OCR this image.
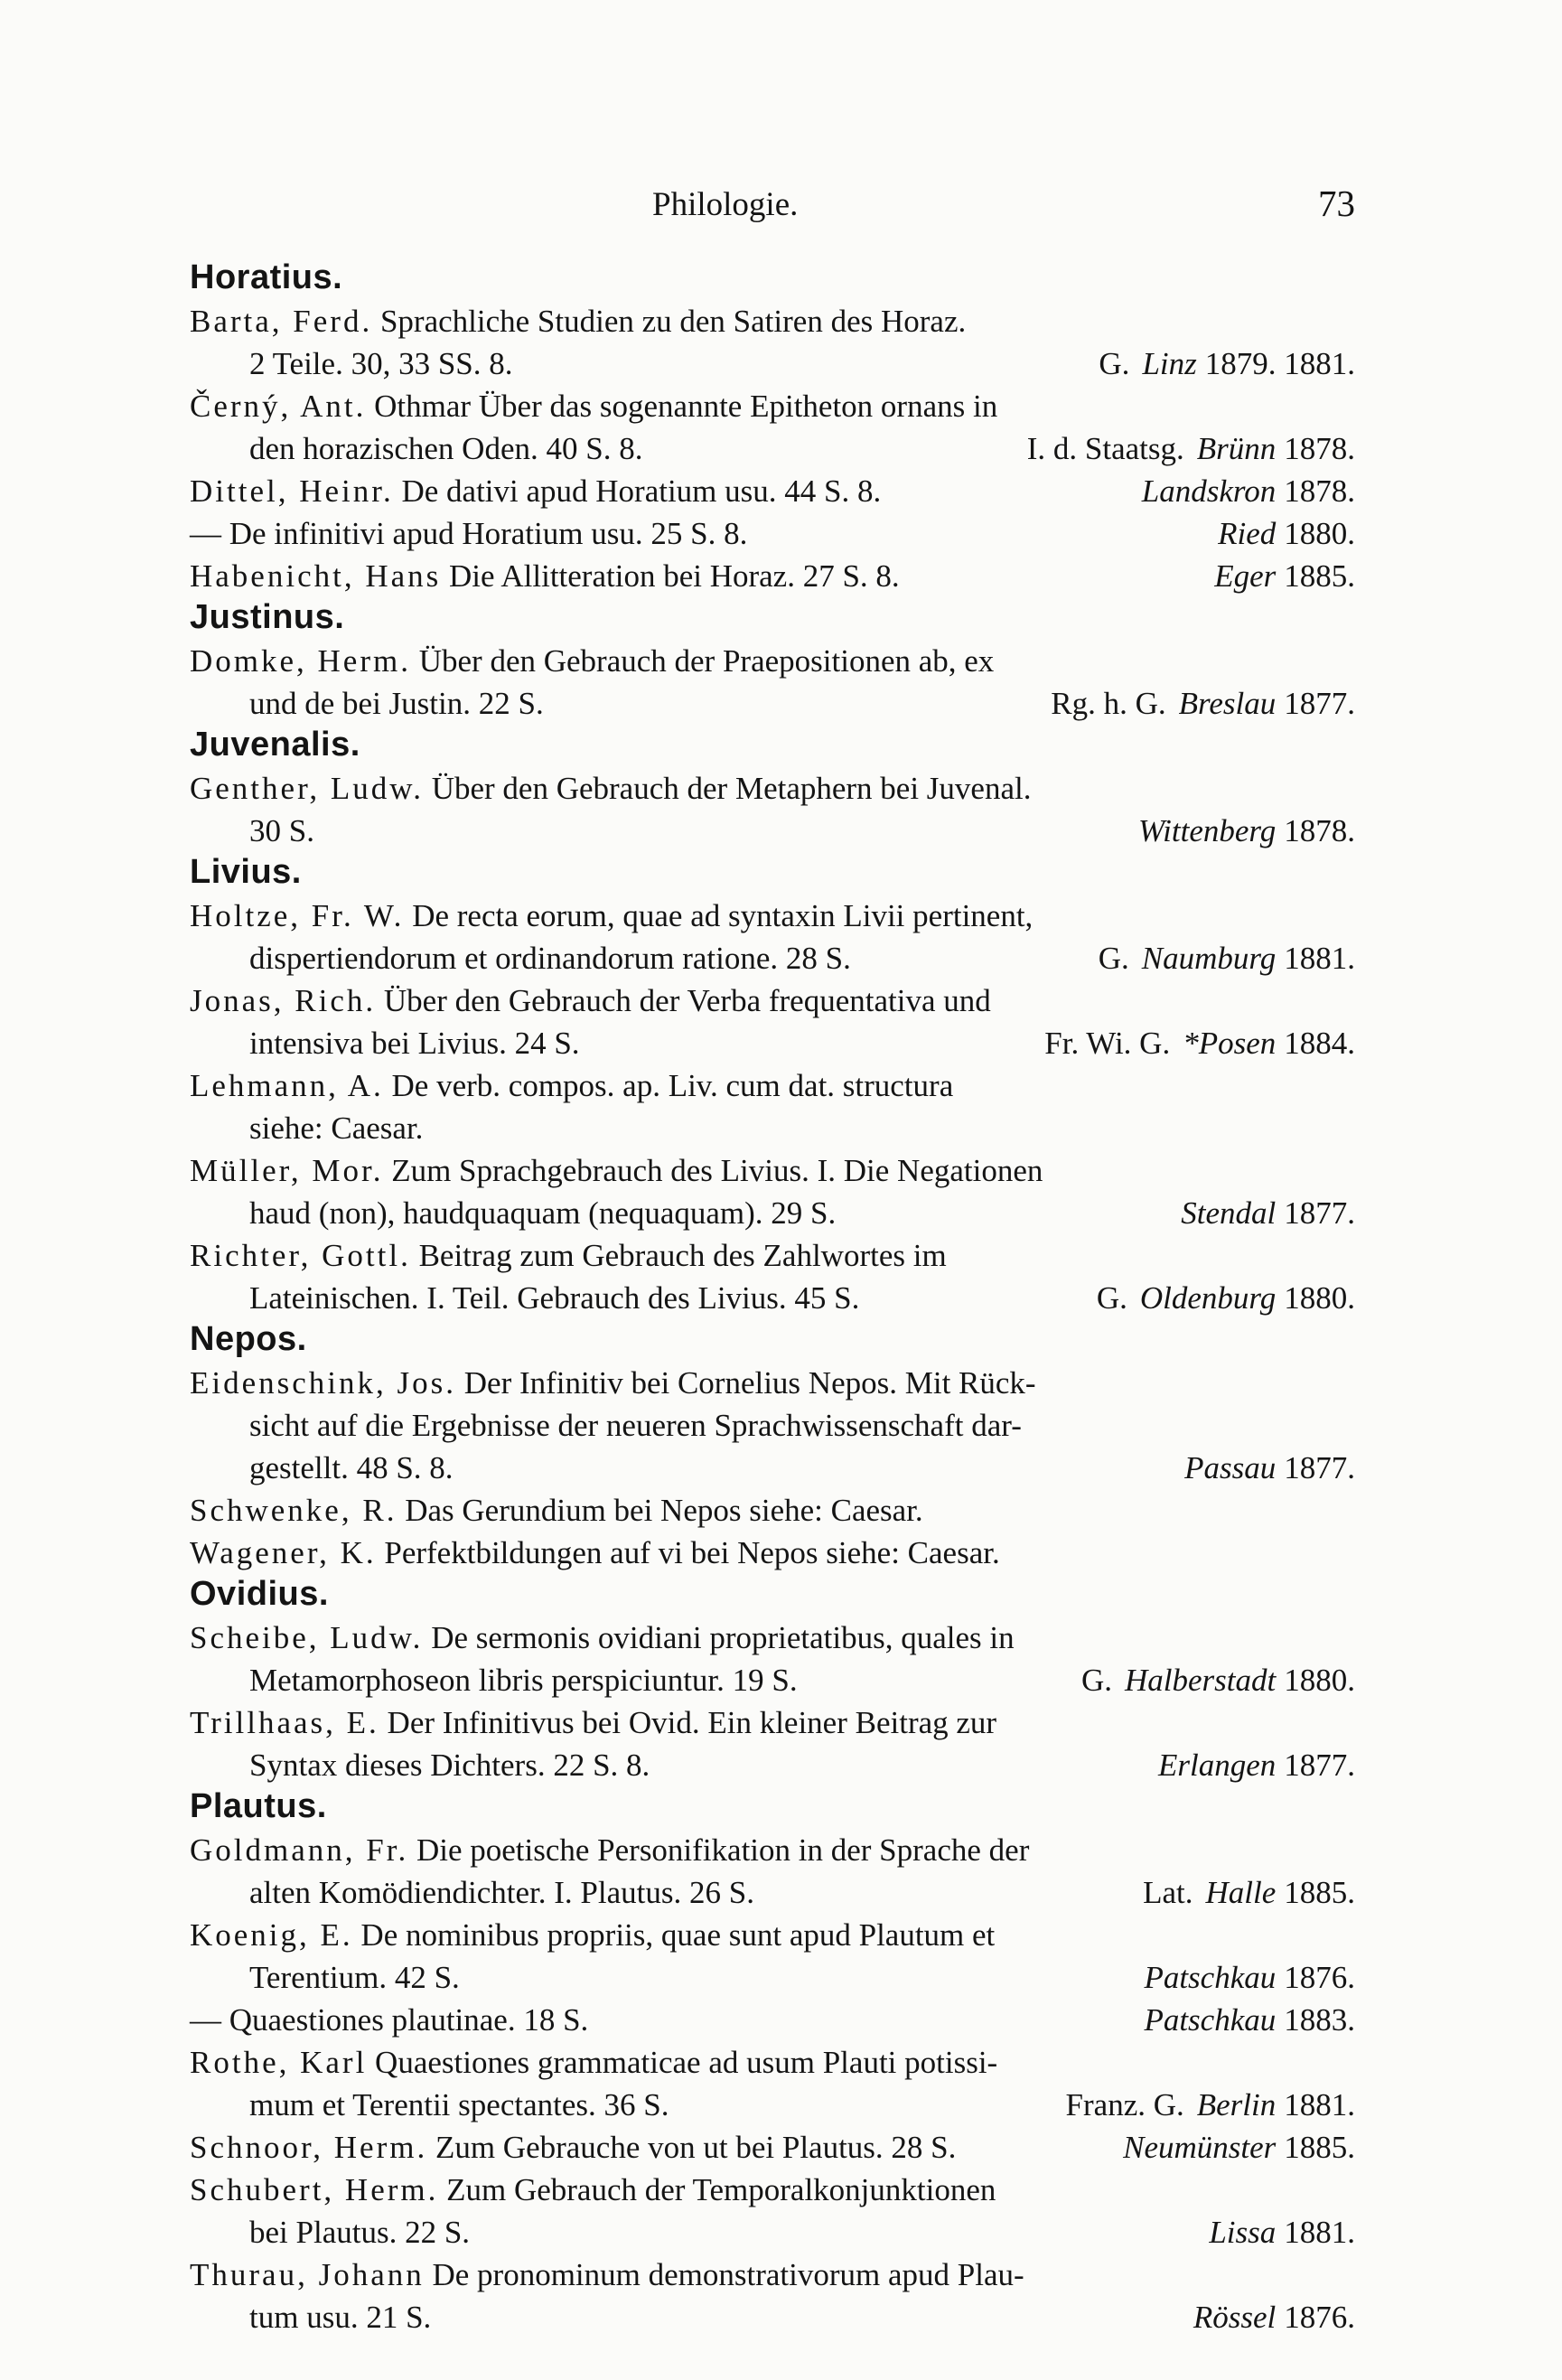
Philologie.	73
Horatius.
Barta, Ferd. Sprachliche Studien zu den Satiren des Horaz.
2 Teile. 30, 33 SS. 8.	G. Linz 1879. 1881.
Černý, Ant. Othmar Über das sogenannte Epitheton ornans in
den horazischen Oden. 40 S. 8.	I. d. Staatsg. Brünn 1878.
Dittel, Heinr. De dativi apud Horatium usu. 44 S. 8.	Landskron 1878.
— De infinitivi apud Horatium usu. 25 S. 8.	Ried 1880.
Habenicht, Hans Die Allitteration bei Horaz. 27 S. 8.	Eger 1885.
Justinus.
Domke, Herm. Über den Gebrauch der Praepositionen ab, ex
und de bei Justin. 22 S.	Rg. h. G. Breslau 1877.
Juvenalis.
Genther, Ludw. Über den Gebrauch der Metaphern bei Juvenal.
30 S.	Wittenberg 1878.
Livius.
Holtze, Fr. W. De recta eorum, quae ad syntaxin Livii pertinent,
dispertiendorum et ordinandorum ratione. 28 S.	G. Naumburg 1881.
Jonas, Rich. Über den Gebrauch der Verba frequentativa und
intensiva bei Livius. 24 S.	Fr. Wi. G. *Posen 1884.
Lehmann, A. De verb. compos. ap. Liv. cum dat. structura
siehe: Caesar.
Müller, Mor. Zum Sprachgebrauch des Livius. I. Die Negationen
haud (non), haudquaquam (nequaquam). 29 S.	Stendal 1877.
Richter, Gottl. Beitrag zum Gebrauch des Zahlwortes im
Lateinischen. I. Teil. Gebrauch des Livius. 45 S.	G. Oldenburg 1880.
Nepos.
Eidenschink, Jos. Der Infinitiv bei Cornelius Nepos. Mit Rück-
sicht auf die Ergebnisse der neueren Sprachwissenschaft dar-
gestellt. 48 S. 8.	Passau 1877.
Schwenke, R. Das Gerundium bei Nepos siehe: Caesar.
Wagener, K. Perfektbildungen auf vi bei Nepos siehe: Caesar.
Ovidius.
Scheibe, Ludw. De sermonis ovidiani proprietatibus, quales in
Metamorphoseon libris perspiciuntur. 19 S.	G. Halberstadt 1880.
Trillhaas, E. Der Infinitivus bei Ovid. Ein kleiner Beitrag zur
Syntax dieses Dichters. 22 S. 8.	Erlangen 1877.
Plautus.
Goldmann, Fr. Die poetische Personifikation in der Sprache der
alten Komödiendichter. I. Plautus. 26 S.	Lat. Halle 1885.
Koenig, E. De nominibus propriis, quae sunt apud Plautum et
Terentium. 42 S.	Patschkau 1876.
— Quaestiones plautinae. 18 S.	Patschkau 1883.
Rothe, Karl Quaestiones grammaticae ad usum Plauti potissi-
mum et Terentii spectantes. 36 S.	Franz. G. Berlin 1881.
Schnoor, Herm. Zum Gebrauche von ut bei Plautus. 28 S.	Neumünster 1885.
Schubert, Herm. Zum Gebrauch der Temporalkonjunktionen
bei Plautus. 22 S.	Lissa 1881.
Thurau, Johann De pronominum demonstrativorum apud Plau-
tum usu. 21 S.	Rössel 1876.
